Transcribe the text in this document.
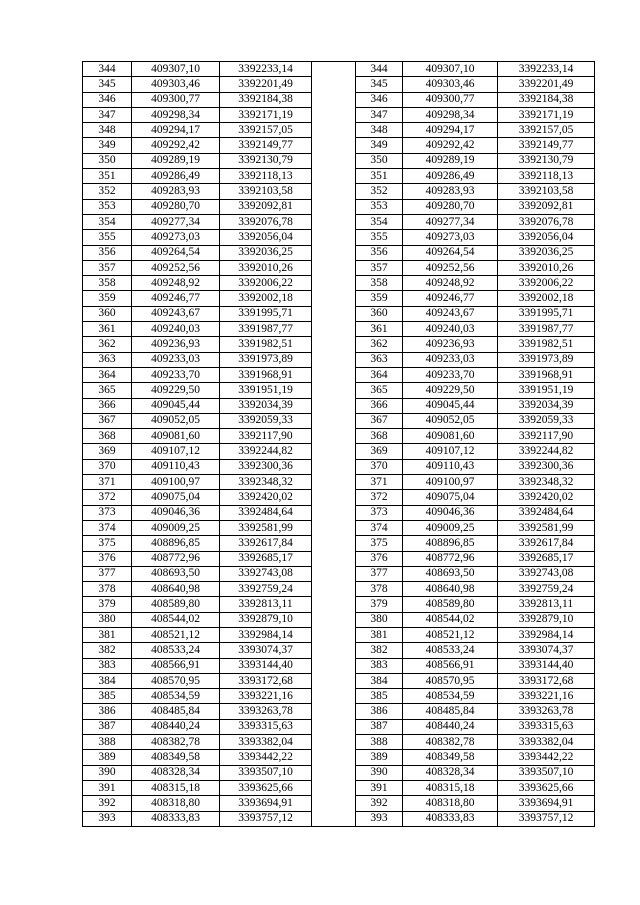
344	409307,10	3392233,14		344	409307,10	3392233,14
345	409303,46	3392201,49		345	409303,46	3392201,49
346	409300,77	3392184,38		346	409300,77	3392184,38
347	409298,34	3392171,19		347	409298,34	3392171,19
348	409294,17	3392157,05		348	409294,17	3392157,05
349	409292,42	3392149,77		349	409292,42	3392149,77
350	409289,19	3392130,79		350	409289,19	3392130,79
351	409286,49	3392118,13		351	409286,49	3392118,13
352	409283,93	3392103,58		352	409283,93	3392103,58
353	409280,70	3392092,81		353	409280,70	3392092,81
354	409277,34	3392076,78		354	409277,34	3392076,78
355	409273,03	3392056,04		355	409273,03	3392056,04
356	409264,54	3392036,25		356	409264,54	3392036,25
357	409252,56	3392010,26		357	409252,56	3392010,26
358	409248,92	3392006,22		358	409248,92	3392006,22
359	409246,77	3392002,18		359	409246,77	3392002,18
360	409243,67	3391995,71		360	409243,67	3391995,71
361	409240,03	3391987,77		361	409240,03	3391987,77
362	409236,93	3391982,51		362	409236,93	3391982,51
363	409233,03	3391973,89		363	409233,03	3391973,89
364	409233,70	3391968,91		364	409233,70	3391968,91
365	409229,50	3391951,19		365	409229,50	3391951,19
366	409045,44	3392034,39		366	409045,44	3392034,39
367	409052,05	3392059,33		367	409052,05	3392059,33
368	409081,60	3392117,90		368	409081,60	3392117,90
369	409107,12	3392244,82		369	409107,12	3392244,82
370	409110,43	3392300,36		370	409110,43	3392300,36
371	409100,97	3392348,32		371	409100,97	3392348,32
372	409075,04	3392420,02		372	409075,04	3392420,02
373	409046,36	3392484,64		373	409046,36	3392484,64
374	409009,25	3392581,99		374	409009,25	3392581,99
375	408896,85	3392617,84		375	408896,85	3392617,84
376	408772,96	3392685,17		376	408772,96	3392685,17
377	408693,50	3392743,08		377	408693,50	3392743,08
378	408640,98	3392759,24		378	408640,98	3392759,24
379	408589,80	3392813,11		379	408589,80	3392813,11
380	408544,02	3392879,10		380	408544,02	3392879,10
381	408521,12	3392984,14		381	408521,12	3392984,14
382	408533,24	3393074,37		382	408533,24	3393074,37
383	408566,91	3393144,40		383	408566,91	3393144,40
384	408570,95	3393172,68		384	408570,95	3393172,68
385	408534,59	3393221,16		385	408534,59	3393221,16
386	408485,84	3393263,78		386	408485,84	3393263,78
387	408440,24	3393315,63		387	408440,24	3393315,63
388	408382,78	3393382,04		388	408382,78	3393382,04
389	408349,58	3393442,22		389	408349,58	3393442,22
390	408328,34	3393507,10		390	408328,34	3393507,10
391	408315,18	3393625,66		391	408315,18	3393625,66
392	408318,80	3393694,91		392	408318,80	3393694,91
393	408333,83	3393757,12		393	408333,83	3393757,12
